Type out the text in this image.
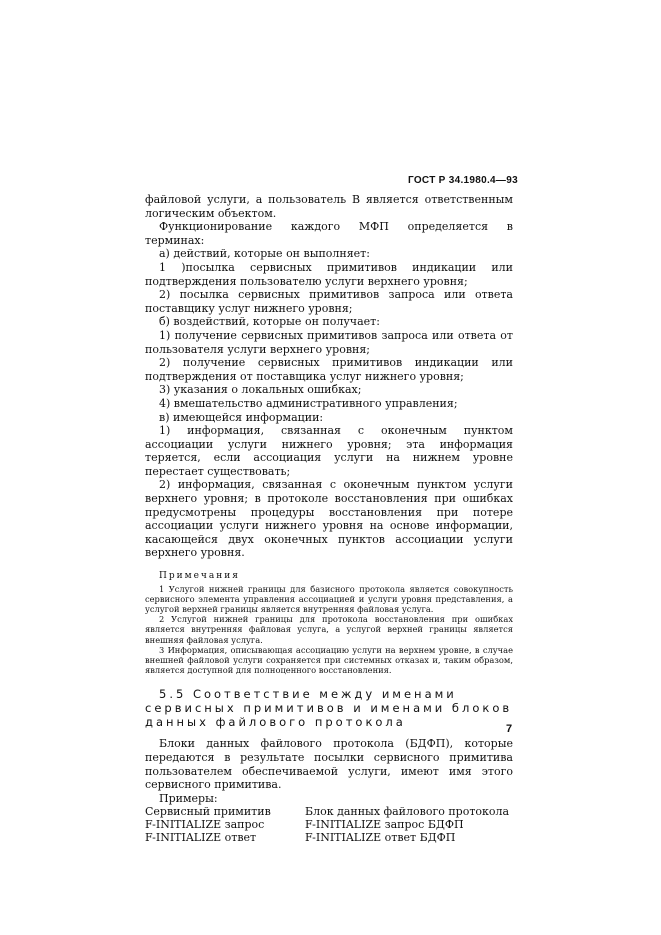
ГОСТ Р 34.1980.4—93

файловой услуги, а пользователь В является ответственным логическим объектом.

Функционирование каждого МФП определяется в терминах:

а) действий, которые он выполняет:

1 )посылка сервисных примитивов индикации или подтверждения пользователю услуги верхнего уровня;

2) посылка сервисных примитивов запроса или ответа поставщику услуг нижнего уровня;

б) воздействий, которые он получает:

1) получение сервисных примитивов запроса или ответа от пользователя услуги верхнего уровня;

2) получение сервисных примитивов индикации или подтверждения от поставщика услуг нижнего уровня;

3) указания о локальных ошибках;

4) вмешательство административного управления;

в) имеющейся информации:

1) информация, связанная с оконечным пунктом ассоциации услуги нижнего уровня; эта информация теряется, если ассоциация услуги на нижнем уровне перестает существовать;

2) информация, связанная с оконечным пунктом услуги верхнего уровня; в протоколе восстановления при ошибках предусмотрены процедуры восстановления при потере ассоциации услуги нижнего уровня на основе информации, касающейся двух оконечных пунктов ассоциации услуги верхнего уровня.

Примечания

1 Услугой нижней границы для базисного протокола является совокупность сервисного элемента управления ассоциацией и услуги уровня представления, а услугой верхней границы является внутренняя файловая услуга.

2 Услугой нижней границы для протокола восстановления при ошибках является внутренняя файловая услуга, а услугой верхней границы является внешняя файловая услуга.

3 Информация, описывающая ассоциацию услуги на верхнем уровне, в случае внешней файловой услуги сохраняется при системных отказах и, таким образом, является доступной для полноценного восстановления.

5.5 Соответствие между именами сервисных примитивов и именами блоков данных файлового протокола

Блоки данных файлового протокола (БДФП), которые передаются в результате посылки сервисного примитива пользователем обеспечиваемой услуги, имеют имя этого сервисного примитива.

Примеры:

Сервисный примитив	Блок данных файлового протокола
F-INITIALIZE запрос	F-INITIALIZE запрос БДФП
F-INITIALIZE ответ	F-INITIALIZE ответ БДФП
7
